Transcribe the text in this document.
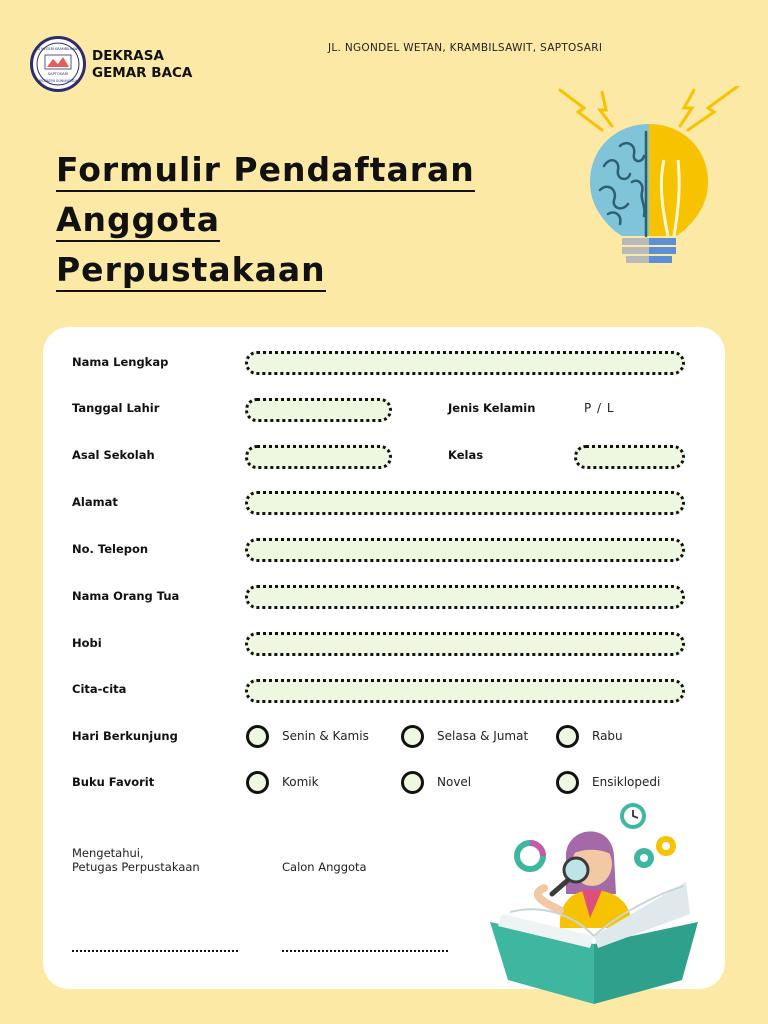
SD NEGERI KRAMBILSAWIT
SAPTOSARI
KABUPATEN GUNUNGKIDUL
DEKRASA
GEMAR BACA
JL. NGONDEL WETAN, KRAMBILSAWIT, SAPTOSARI
Formulir Pendaftaran
Anggota
Perpustakaan
Nama Lengkap
Tanggal Lahir	Jenis Kelamin	P / L
Asal Sekolah	Kelas
Alamat
No. Telepon
Nama Orang Tua
Hobi
Cita-cita
Hari Berkunjung	Senin & Kamis	Selasa & Jumat	Rabu
Buku Favorit	Komik	Novel	Ensiklopedi
Mengetahui,
Petugas Perpustakaan	Calon Anggota
